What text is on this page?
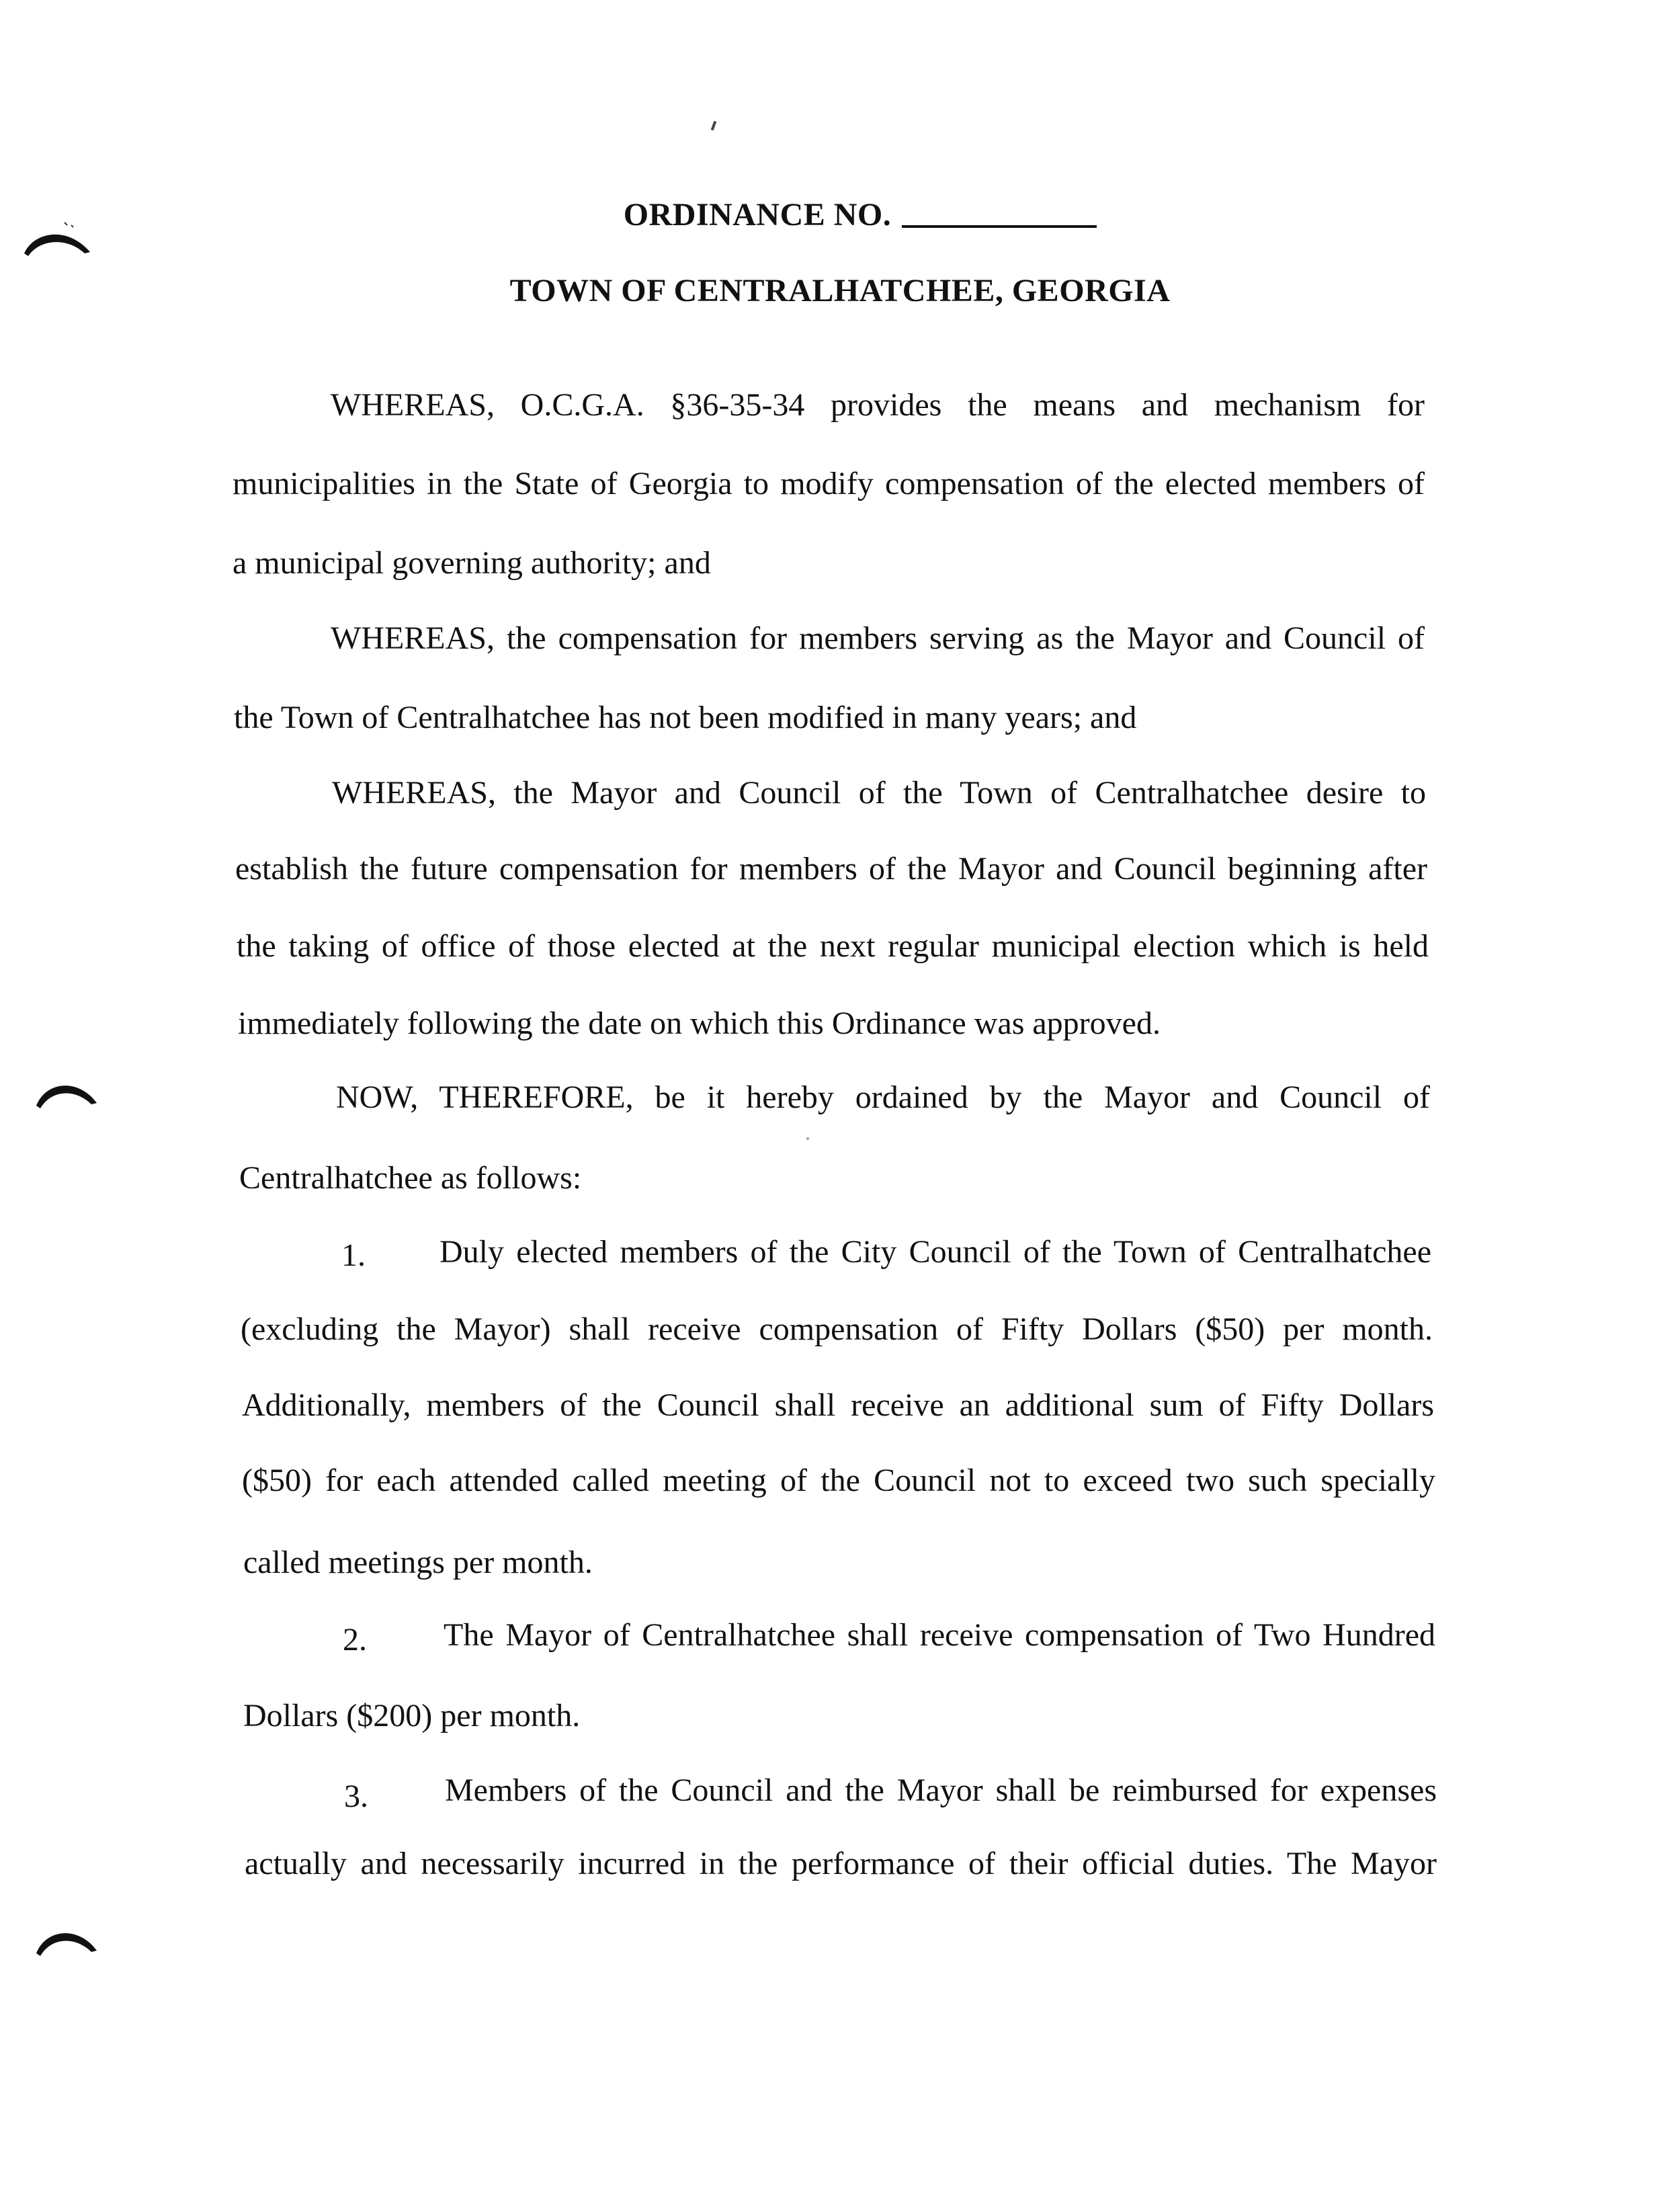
ORDINANCE NO.
TOWN OF CENTRALHATCHEE, GEORGIA
WHEREAS, O.C.G.A. §36-35-34 provides the means and mechanism for
municipalities in the State of Georgia to modify compensation of the elected members of
a municipal governing authority; and
WHEREAS, the compensation for members serving as the Mayor and Council of
the Town of Centralhatchee has not been modified in many years; and
WHEREAS, the Mayor and Council of the Town of Centralhatchee desire to
establish the future compensation for members of the Mayor and Council beginning after
the taking of office of those elected at the next regular municipal election which is held
immediately following the date on which this Ordinance was approved.
NOW, THEREFORE, be it hereby ordained by the Mayor and Council of
Centralhatchee as follows:
1. Duly elected members of the City Council of the Town of Centralhatchee
(excluding the Mayor) shall receive compensation of Fifty Dollars ($50) per month.
Additionally, members of the Council shall receive an additional sum of Fifty Dollars
($50) for each attended called meeting of the Council not to exceed two such specially
called meetings per month.
2. The Mayor of Centralhatchee shall receive compensation of Two Hundred
Dollars ($200) per month.
3. Members of the Council and the Mayor shall be reimbursed for expenses
actually and necessarily incurred in the performance of their official duties. The Mayor
